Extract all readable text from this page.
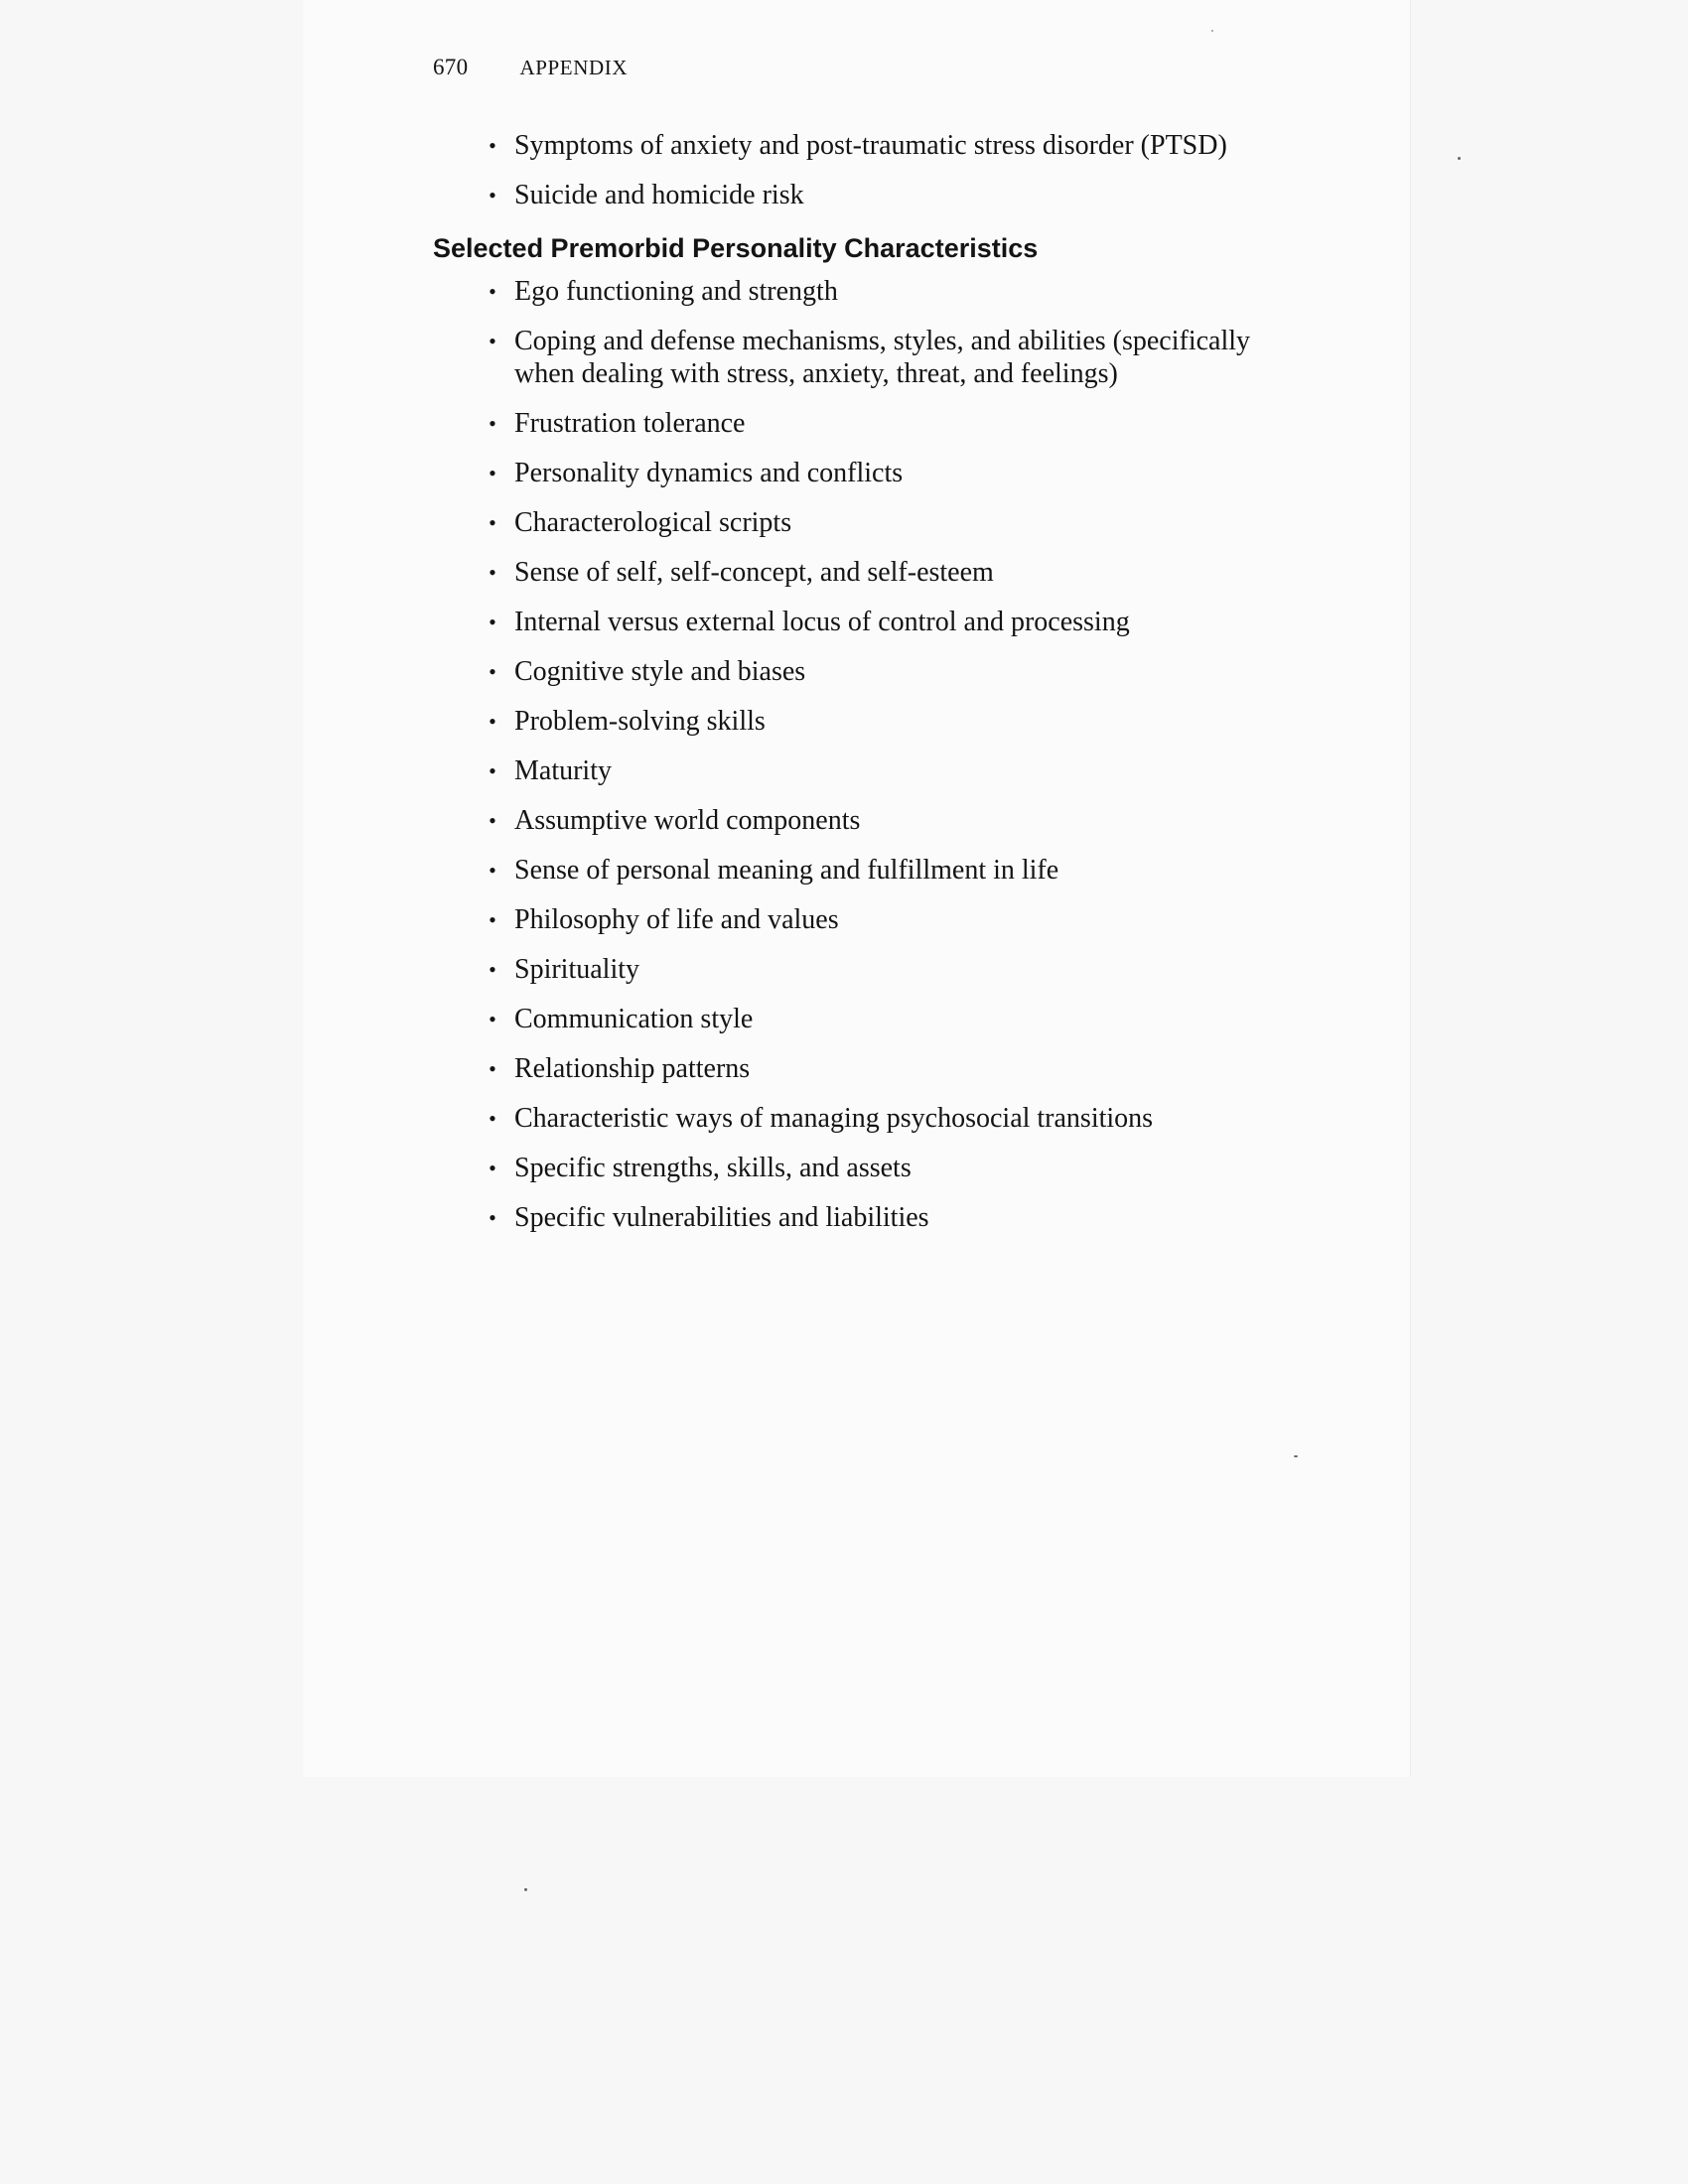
670 APPENDIX
• Symptoms of anxiety and post-traumatic stress disorder (PTSD)
• Suicide and homicide risk
Selected Premorbid Personality Characteristics
• Ego functioning and strength
• Coping and defense mechanisms, styles, and abilities (specifically when dealing with stress, anxiety, threat, and feelings)
• Frustration tolerance
• Personality dynamics and conflicts
• Characterological scripts
• Sense of self, self-concept, and self-esteem
• Internal versus external locus of control and processing
• Cognitive style and biases
• Problem-solving skills
• Maturity
• Assumptive world components
• Sense of personal meaning and fulfillment in life
• Philosophy of life and values
• Spirituality
• Communication style
• Relationship patterns
• Characteristic ways of managing psychosocial transitions
• Specific strengths, skills, and assets
• Specific vulnerabilities and liabilities
